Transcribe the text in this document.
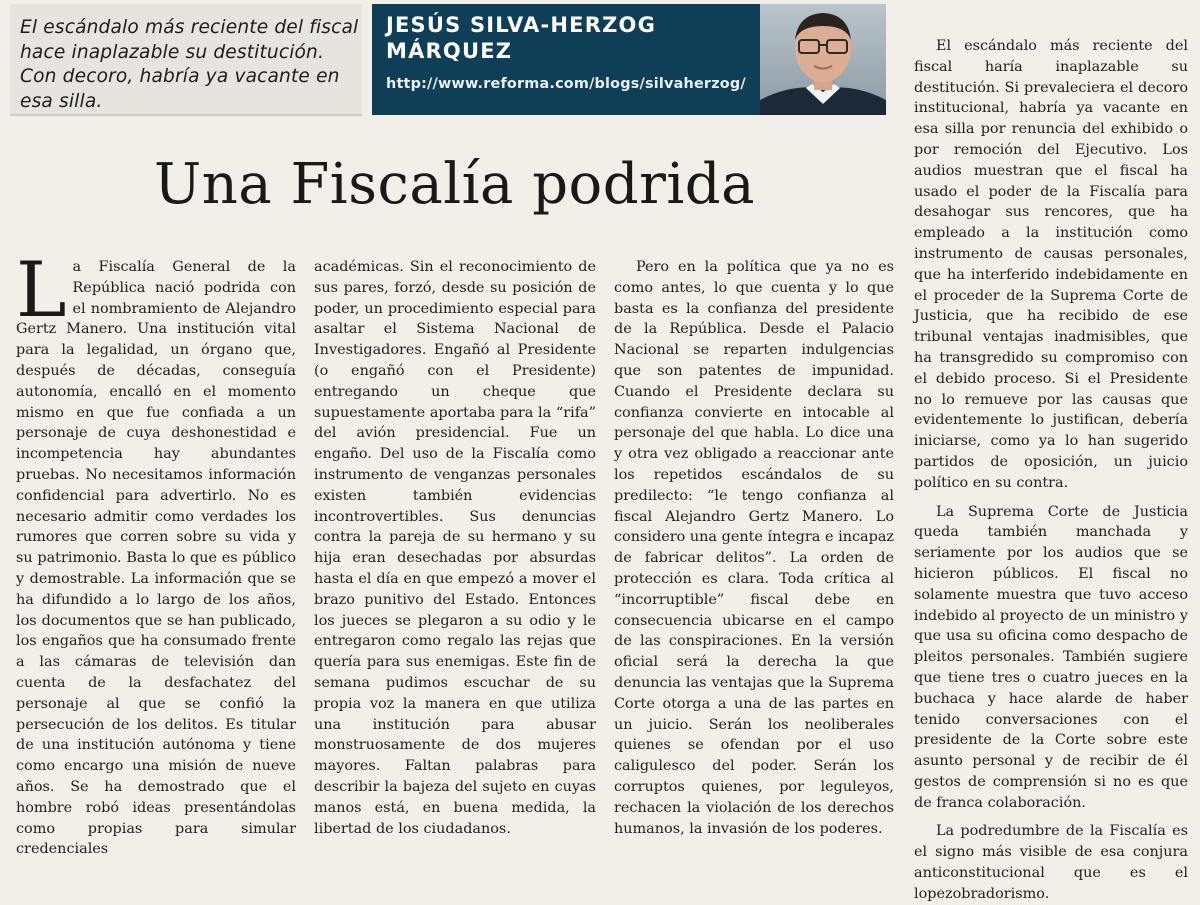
El escándalo más reciente del fiscal hace inaplazable su destitución. Con decoro, habría ya vacante en esa silla.
JESÚS SILVA-HERZOG
MÁRQUEZ
http://www.reforma.com/blogs/silvaherzog/
Una Fiscalía podrida

La Fiscalía General de la República nació podrida con el nombramiento de Alejandro Gertz Manero. Una institución vital para la legalidad, un órgano que, después de décadas, conseguía autonomía, encalló en el momento mismo en que fue confiada a un personaje de cuya deshonestidad e incompetencia hay abundantes pruebas. No necesitamos información confidencial para advertirlo. No es necesario admitir como verdades los rumores que corren sobre su vida y su patrimonio. Basta lo que es público y demostrable. La información que se ha difundido a lo largo de los años, los documentos que se han publicado, los engaños que ha consumado frente a las cámaras de televisión dan cuenta de la desfachatez del personaje al que se confió la persecución de los delitos. Es titular de una institución autónoma y tiene como encargo una misión de nueve años. Se ha demostrado que el hombre robó ideas presentándolas como propias para simular credenciales

académicas. Sin el reconocimiento de sus pares, forzó, desde su posición de poder, un procedimiento especial para asaltar el Sistema Nacional de Investigadores. Engañó al Presidente (o engañó con el Presidente) entregando un cheque que supuestamente aportaba para la “rifa” del avión presidencial. Fue un engaño. Del uso de la Fiscalía como instrumento de venganzas personales existen también evidencias incontrovertibles. Sus denuncias contra la pareja de su hermano y su hija eran desechadas por absurdas hasta el día en que empezó a mover el brazo punitivo del Estado. Entonces los jueces se plegaron a su odio y le entregaron como regalo las rejas que quería para sus enemigas. Este fin de semana pudimos escuchar de su propia voz la manera en que utiliza una institución para abusar monstruosamente de dos mujeres mayores. Faltan palabras para describir la bajeza del sujeto en cuyas manos está, en buena medida, la libertad de los ciudadanos.

Pero en la política que ya no es como antes, lo que cuenta y lo que basta es la confianza del presidente de la República. Desde el Palacio Nacional se reparten indulgencias que son patentes de impunidad. Cuando el Presidente declara su confianza convierte en intocable al personaje del que habla. Lo dice una y otra vez obligado a reaccionar ante los repetidos escándalos de su predilecto: “le tengo confianza al fiscal Alejandro Gertz Manero. Lo considero una gente íntegra e incapaz de fabricar delitos”. La orden de protección es clara. Toda crítica al “incorruptible” fiscal debe en consecuencia ubicarse en el campo de las conspiraciones. En la versión oficial será la derecha la que denuncia las ventajas que la Suprema Corte otorga a una de las partes en un juicio. Serán los neoliberales quienes se ofendan por el uso caligulesco del poder. Serán los corruptos quienes, por leguleyos, rechacen la violación de los derechos humanos, la invasión de los poderes.

El escándalo más reciente del fiscal haría inaplazable su destitución. Si prevaleciera el decoro institucional, habría ya vacante en esa silla por renuncia del exhibido o por remoción del Ejecutivo. Los audios muestran que el fiscal ha usado el poder de la Fiscalía para desahogar sus rencores, que ha empleado a la institución como instrumento de causas personales, que ha interferido indebidamente en el proceder de la Suprema Corte de Justicia, que ha recibido de ese tribunal ventajas inadmisibles, que ha transgredido su compromiso con el debido proceso. Si el Presidente no lo remueve por las causas que evidentemente lo justifican, debería iniciarse, como ya lo han sugerido partidos de oposición, un juicio político en su contra.

La Suprema Corte de Justicia queda también manchada y seriamente por los audios que se hicieron públicos. El fiscal no solamente muestra que tuvo acceso indebido al proyecto de un ministro y que usa su oficina como despacho de pleitos personales. También sugiere que tiene tres o cuatro jueces en la buchaca y hace alarde de haber tenido conversaciones con el presidente de la Corte sobre este asunto personal y de recibir de él gestos de comprensión si no es que de franca colaboración.

La podredumbre de la Fiscalía es el signo más visible de esa conjura anticonstitucional que es el lopezobradorismo.
